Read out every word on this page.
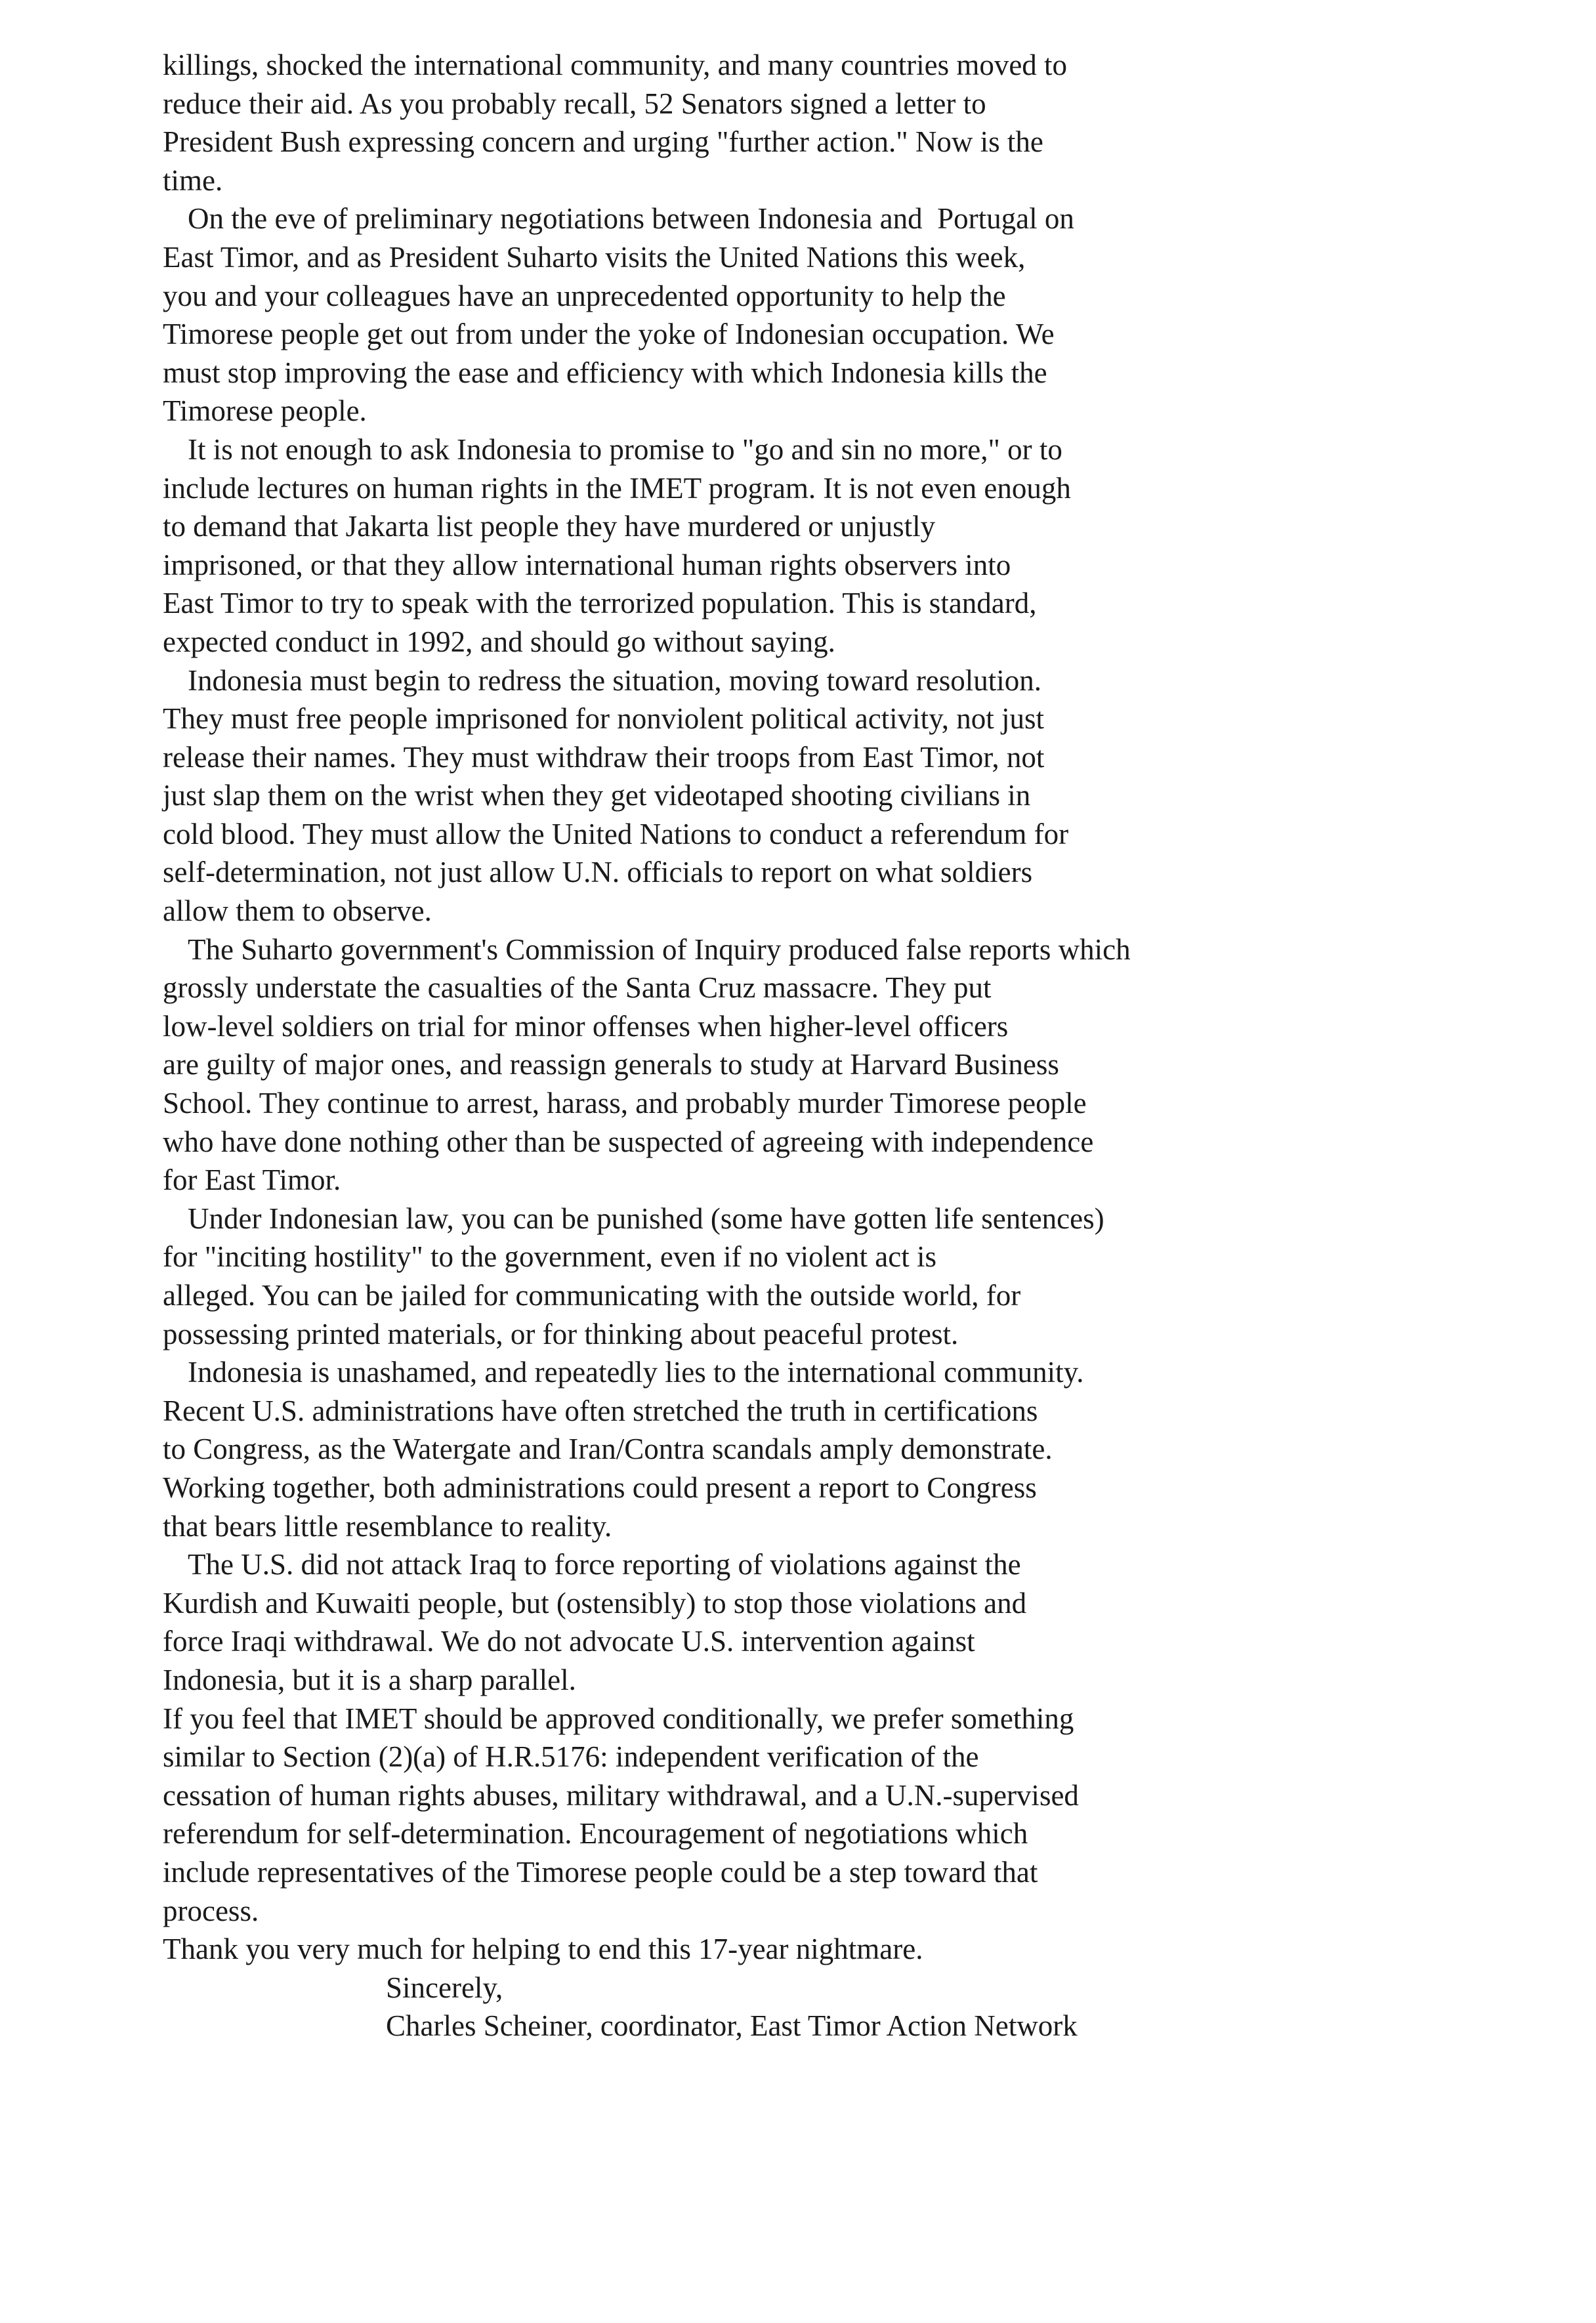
killings, shocked the international community, and many countries moved to
reduce their aid. As you probably recall, 52 Senators signed a letter to
President Bush expressing concern and urging "further action." Now is the
time.
On the eve of preliminary negotiations between Indonesia and  Portugal on
East Timor, and as President Suharto visits the United Nations this week,
you and your colleagues have an unprecedented opportunity to help the
Timorese people get out from under the yoke of Indonesian occupation. We
must stop improving the ease and efficiency with which Indonesia kills the
Timorese people.
It is not enough to ask Indonesia to promise to "go and sin no more," or to
include lectures on human rights in the IMET program. It is not even enough
to demand that Jakarta list people they have murdered or unjustly
imprisoned, or that they allow international human rights observers into
East Timor to try to speak with the terrorized population. This is standard,
expected conduct in 1992, and should go without saying.
Indonesia must begin to redress the situation, moving toward resolution.
They must free people imprisoned for nonviolent political activity, not just
release their names. They must withdraw their troops from East Timor, not
just slap them on the wrist when they get videotaped shooting civilians in
cold blood. They must allow the United Nations to conduct a referendum for
self-determination, not just allow U.N. officials to report on what soldiers
allow them to observe.
The Suharto government's Commission of Inquiry produced false reports which
grossly understate the casualties of the Santa Cruz massacre. They put
low-level soldiers on trial for minor offenses when higher-level officers
are guilty of major ones, and reassign generals to study at Harvard Business
School. They continue to arrest, harass, and probably murder Timorese people
who have done nothing other than be suspected of agreeing with independence
for East Timor.
Under Indonesian law, you can be punished (some have gotten life sentences)
for "inciting hostility" to the government, even if no violent act is
alleged. You can be jailed for communicating with the outside world, for
possessing printed materials, or for thinking about peaceful protest.
Indonesia is unashamed, and repeatedly lies to the international community.
Recent U.S. administrations have often stretched the truth in certifications
to Congress, as the Watergate and Iran/Contra scandals amply demonstrate.
Working together, both administrations could present a report to Congress
that bears little resemblance to reality.
The U.S. did not attack Iraq to force reporting of violations against the
Kurdish and Kuwaiti people, but (ostensibly) to stop those violations and
force Iraqi withdrawal. We do not advocate U.S. intervention against
Indonesia, but it is a sharp parallel.
If you feel that IMET should be approved conditionally, we prefer something
similar to Section (2)(a) of H.R.5176: independent verification of the
cessation of human rights abuses, military withdrawal, and a U.N.-supervised
referendum for self-determination. Encouragement of negotiations which
include representatives of the Timorese people could be a step toward that
process.
Thank you very much for helping to end this 17-year nightmare.
Sincerely,
Charles Scheiner, coordinator, East Timor Action Network
